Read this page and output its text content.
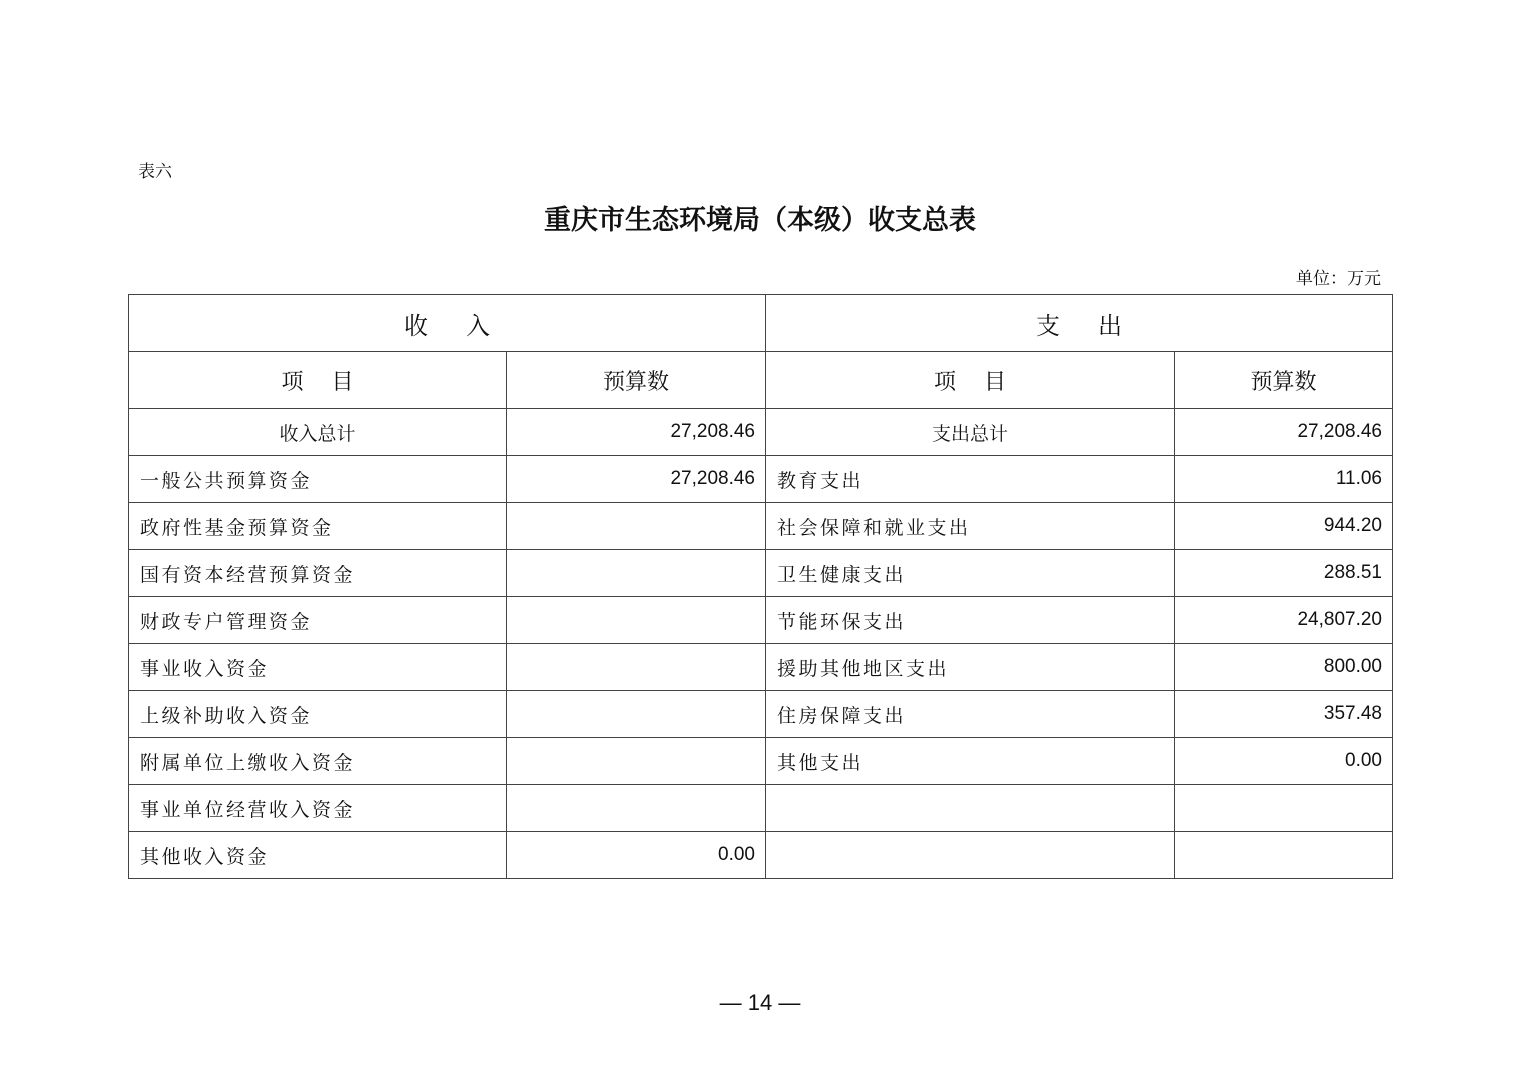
表六
重庆市生态环境局（本级）收支总表
单位：万元
收入		支出	
项目	预算数	项目	预算数
收入总计	27,208.46	支出总计	27,208.46
一般公共预算资金	27,208.46	教育支出	11.06
政府性基金预算资金		社会保障和就业支出	944.20
国有资本经营预算资金		卫生健康支出	288.51
财政专户管理资金		节能环保支出	24,807.20
事业收入资金		援助其他地区支出	800.00
上级补助收入资金		住房保障支出	357.48
附属单位上缴收入资金		其他支出	0.00
事业单位经营收入资金			
其他收入资金	0.00		
— 14 —
